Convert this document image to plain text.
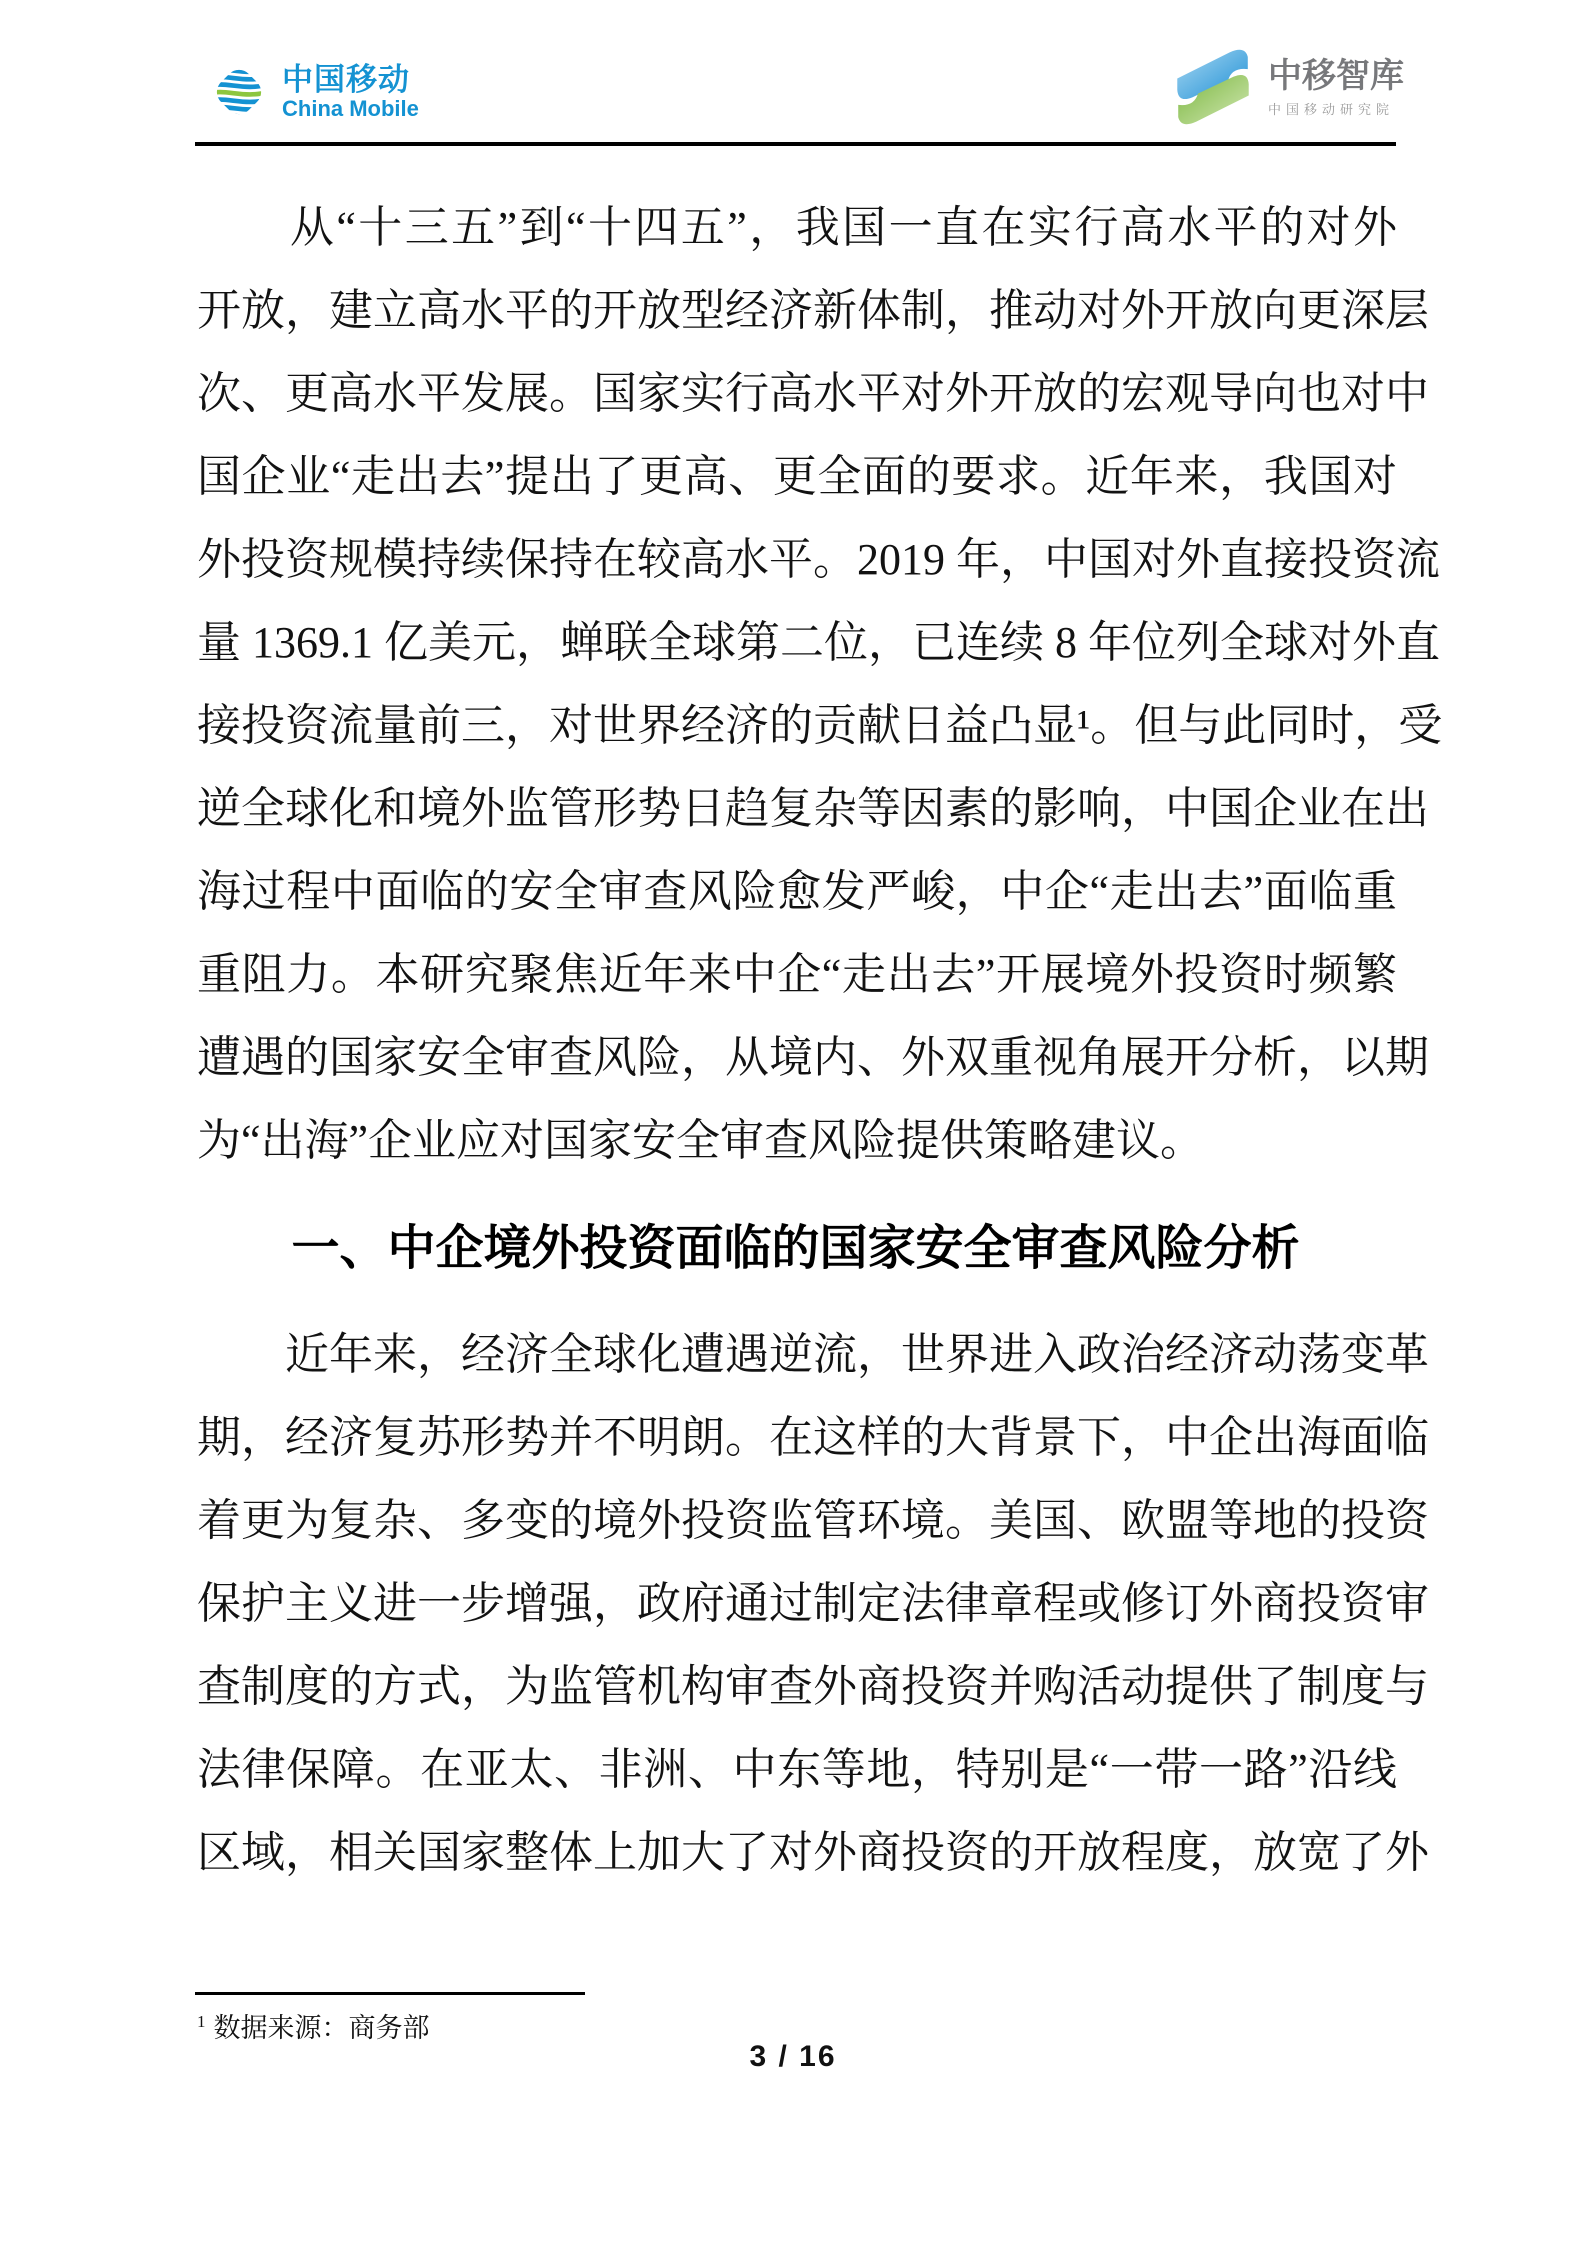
中国移动
China Mobile
中移智库
中国移动研究院
　　从“十三五”到“十四五”，我国一直在实行高水平的对外
开放，建立高水平的开放型经济新体制，推动对外开放向更深层
次、更高水平发展。国家实行高水平对外开放的宏观导向也对中
国企业“走出去”提出了更高、更全面的要求。近年来，我国对
外投资规模持续保持在较高水平。2019 年，中国对外直接投资流
量 1369.1 亿美元，蝉联全球第二位，已连续 8 年位列全球对外直
接投资流量前三，对世界经济的贡献日益凸显¹。但与此同时，受
逆全球化和境外监管形势日趋复杂等因素的影响，中国企业在出
海过程中面临的安全审查风险愈发严峻，中企“走出去”面临重
重阻力。本研究聚焦近年来中企“走出去”开展境外投资时频繁
遭遇的国家安全审查风险，从境内、外双重视角展开分析，以期
为“出海”企业应对国家安全审查风险提供策略建议。
一、中企境外投资面临的国家安全审查风险分析
　　近年来，经济全球化遭遇逆流，世界进入政治经济动荡变革
期，经济复苏形势并不明朗。在这样的大背景下，中企出海面临
着更为复杂、多变的境外投资监管环境。美国、欧盟等地的投资
保护主义进一步增强，政府通过制定法律章程或修订外商投资审
查制度的方式，为监管机构审查外商投资并购活动提供了制度与
法律保障。在亚太、非洲、中东等地，特别是“一带一路”沿线
区域，相关国家整体上加大了对外商投资的开放程度，放宽了外
$^1$ 数据来源：商务部
3 / 16
